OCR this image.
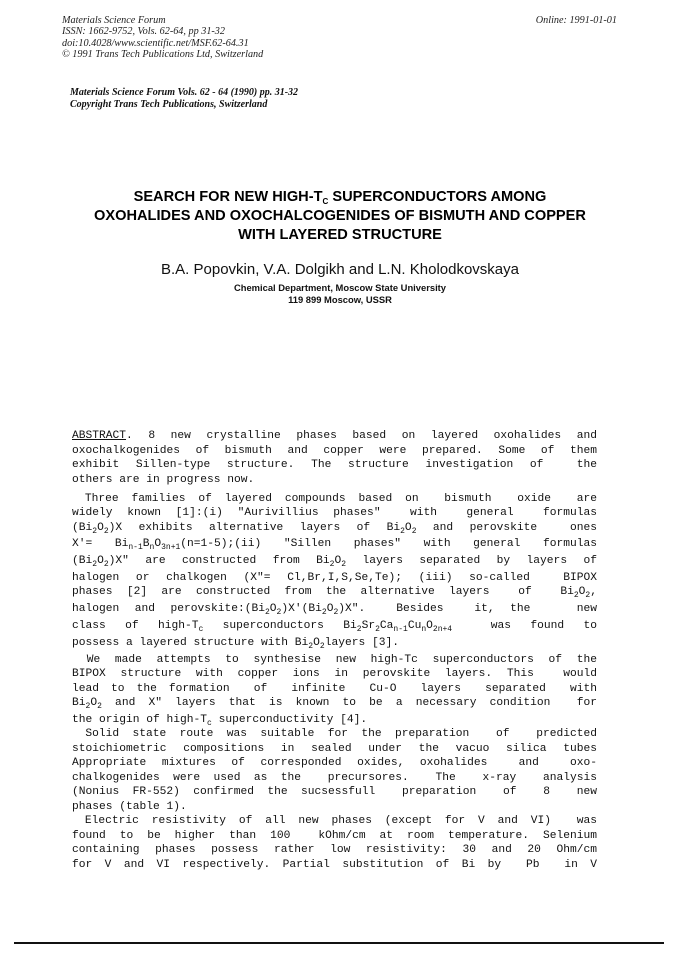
Materials Science Forum
ISSN: 1662-9752, Vols. 62-64, pp 31-32
doi:10.4028/www.scientific.net/MSF.62-64.31
© 1991 Trans Tech Publications Ltd, Switzerland
Online: 1991-01-01
Materials Science Forum Vols. 62 - 64 (1990) pp. 31-32
Copyright Trans Tech Publications, Switzerland
SEARCH FOR NEW HIGH-$T_C$ SUPERCONDUCTORS AMONG
OXOHALIDES AND OXOCHALCOGENIDES OF BISMUTH AND COPPER
WITH LAYERED STRUCTURE
B.A. Popovkin, V.A. Dolgikh and L.N. Kholodkovskaya
Chemical Department, Moscow State University
119 899 Moscow, USSR
ABSTRACT. 8 new crystalline phases based on layered oxohalides and
oxochalkogenides of bismuth and copper were prepared. Some of them
exhibit Sillen-type structure. The structure investigation of  the
others are in progress now.
Three families of layered compounds based on  bismuth  oxide  are
widely known [1]:(i) "Aurivillius phases"  with  general  formulas
$(Bi_2O_2)X$ exhibits alternative layers of $Bi_2O_2$ and perovskite  ones
$X'= Bi_{n-1}B_nO_{3n+1}(n=1-5);(ii)$ "Sillen phases" with general formulas
$(Bi_2O_2)X$" are constructed from $Bi_2O_2$ layers separated by layers of
halogen or chalkogen (X"= Cl,Br,I,S,Se,Te); (iii) so-called  BIPOX
phases [2] are constructed from the alternative layers  of  $Bi_2O_2$,
halogen and $perovskite:(Bi_2O_2)X'(Bi_2O_2)X$".  Besides  it, the   new
class of high-$T_c$ superconductors $Bi_2Sr_2Ca_{n-1}Cu_nO_{2n+4}$  was found to
possess a layered structure with $Bi_2O_2layers$ [3].
We made attempts to synthesise new high-Tc superconductors of the
BIPOX structure with copper ions in perovskite layers. This  would
lead to the formation  of  infinite  Cu-O  layers  separated  with
$Bi_2O_2$ and X" layers that is known to be a necessary condition  for
the origin of high-$T_c$ superconductivity [4].
Solid state route was suitable for the preparation  of  predicted
stoichiometric compositions in sealed under the vacuo silica tubes
Appropriate mixtures of corresponded oxides, oxohalides  and  oxo-
chalkogenides were used as the  precursores.  The  x-ray  analysis
(Nonius FR-552) confirmed the sucsessfull  preparation  of  8  new
phases (table 1).
Electric resistivity of all new phases (except for V and VI)  was
found to be higher than 100  kOhm/cm at room temperature. Selenium
containing phases possess rather low resistivity: 30 and 20 Ohm/cm
for V and VI respectively. Partial substitution of Bi by  Pb  in V
